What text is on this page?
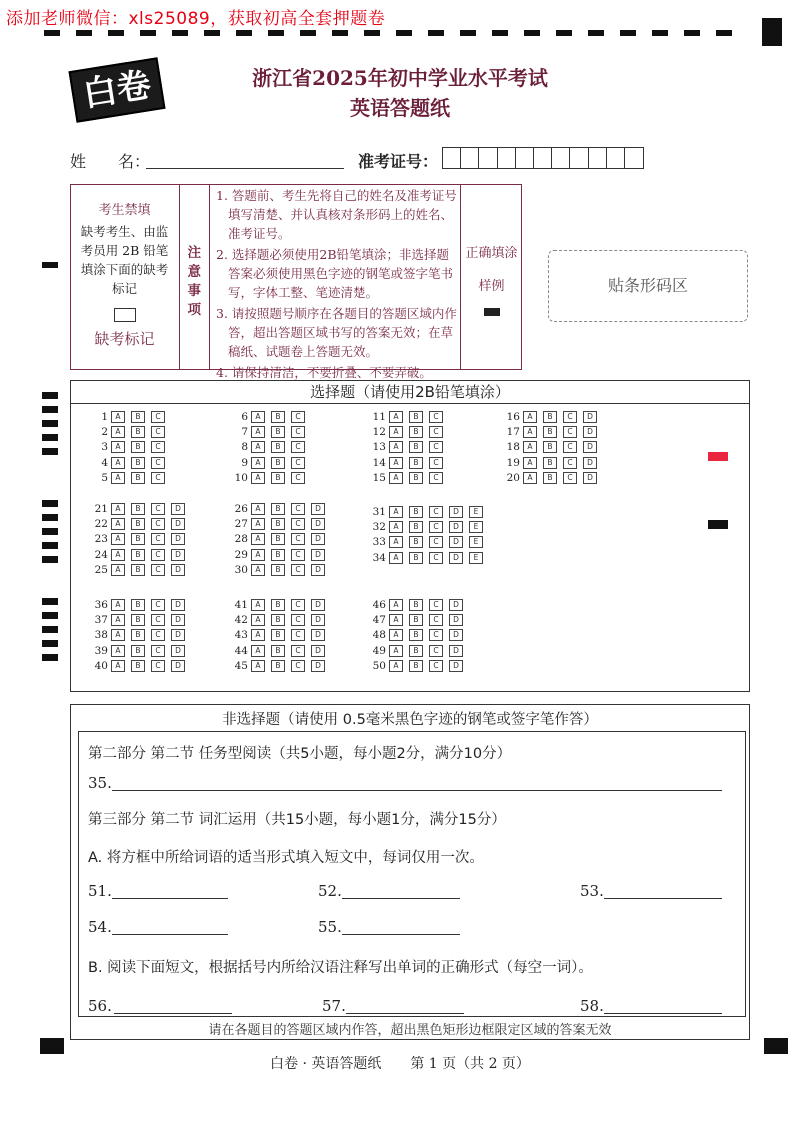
添加老师微信：xls25089，获取初高全套押题卷
白卷	浙江省2025年初中学业水平考试
英语答题纸
姓　　名：	准考证号：
考生禁填
缺考考生、由监考员用 2B 铅笔填涂下面的缺考标记
缺考标记
注意事项
1. 答题前、考生先将自己的姓名及准考证号填写清楚、并认真核对条形码上的姓名、准考证号。
2. 选择题必须使用2B铅笔填涂；非选择题答案必须使用黑色字迹的钢笔或签字笔书写，字体工整、笔迹清楚。
3. 请按照题号顺序在各题目的答题区域内作答，超出答题区域书写的答案无效；在草稿纸、试题卷上答题无效。
4. 请保持清洁，不要折叠、不要弄破。
正确填涂
样例	贴条形码区
选择题（请使用2B铅笔填涂）
1 A B C
2 A B C
3 A B C
4 A B C
5 A B C
6 A B C
7 A B C
8 A B C
9 A B C
10 A B C
11 A B C
12 A B C
13 A B C
14 A B C
15 A B C
16 A B C D
17 A B C D
18 A B C D
19 A B C D
20 A B C D
21 A B C D
22 A B C D
23 A B C D
24 A B C D
25 A B C D
26 A B C D
27 A B C D
28 A B C D
29 A B C D
30 A B C D
31 A B C D E
32 A B C D E
33 A B C D E
34 A B C D E
36 A B C D
37 A B C D
38 A B C D
39 A B C D
40 A B C D
41 A B C D
42 A B C D
43 A B C D
44 A B C D
45 A B C D
46 A B C D
47 A B C D
48 A B C D
49 A B C D
50 A B C D
非选择题（请使用 0.5毫米黑色字迹的钢笔或签字笔作答）
第二部分 第二节 任务型阅读（共5小题，每小题2分，满分10分）
35.
第三部分 第二节 词汇运用（共15小题，每小题1分，满分15分）
A. 将方框中所给词语的适当形式填入短文中，每词仅用一次。
51.	52.	53.
54.	55.
B. 阅读下面短文，根据括号内所给汉语注释写出单词的正确形式（每空一词）。
56.	57.	58.
请在各题目的答题区域内作答，超出黑色矩形边框限定区域的答案无效
白卷 · 英语答题纸 第 1 页（共 2 页）
